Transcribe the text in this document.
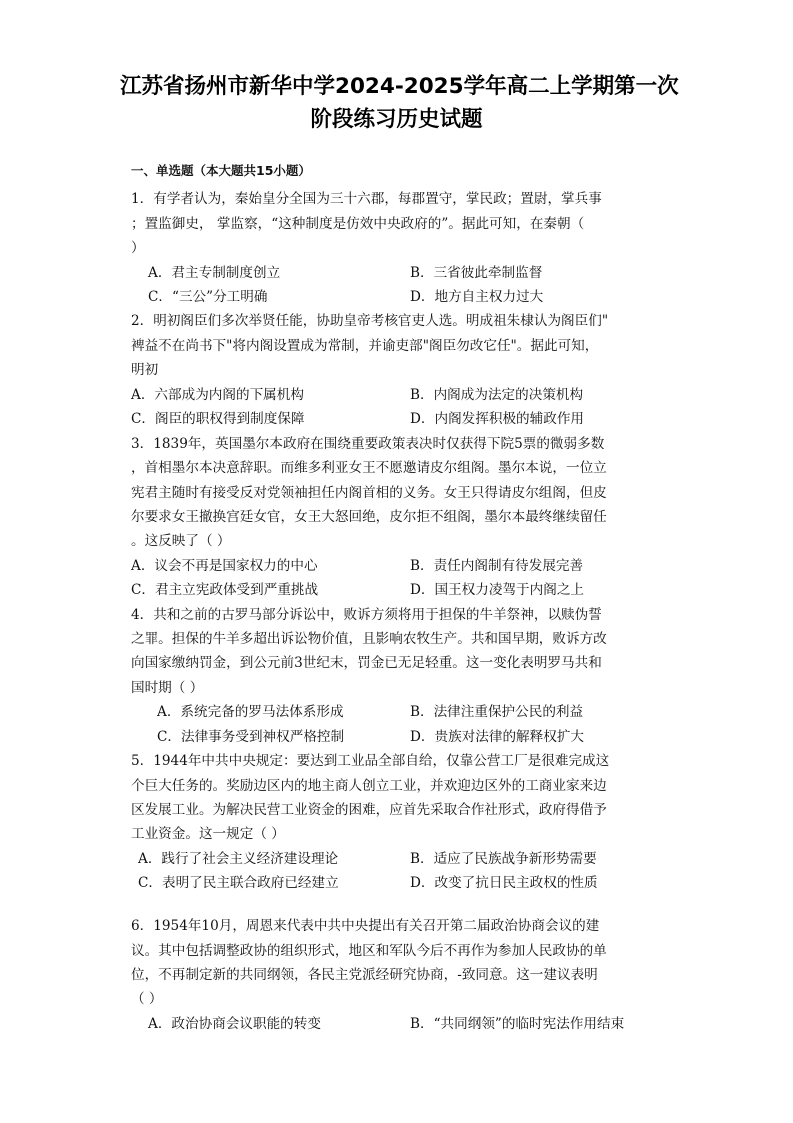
江苏省扬州市新华中学2024-2025学年高二上学期第一次
阶段练习历史试题
一、单选题（本大题共15小题）
1．有学者认为，秦始皇分全国为三十六郡，每郡置守，掌民政；置尉，掌兵事
；置监御史， 掌监察，“这种制度是仿效中央政府的”。据此可知，在秦朝（
）
A．君主专制制度创立	B．三省彼此牵制监督
C．“三公”分工明确	D．地方自主权力过大
2．明初阁臣们多次举贤任能，协助皇帝考核官吏人选。明成祖朱棣认为阁臣们"
裨益不在尚书下"将内阁设置成为常制，并谕吏部"阁臣勿改它任"。据此可知，
明初
A．六部成为内阁的下属机构	B．内阁成为法定的决策机构
C．阁臣的职权得到制度保障	D．内阁发挥积极的辅政作用
3．1839年，英国墨尔本政府在围绕重要政策表决时仅获得下院5票的微弱多数
，首相墨尔本决意辞职。而维多利亚女王不愿邀请皮尔组阁。墨尔本说，一位立
宪君主随时有接受反对党领袖担任内阁首相的义务。女王只得请皮尔组阁，但皮
尔要求女王撤换宫廷女官，女王大怒回绝，皮尔拒不组阁，墨尔本最终继续留任
。这反映了（ ）
A．议会不再是国家权力的中心	B．责任内阁制有待发展完善
C．君主立宪政体受到严重挑战	D．国王权力凌驾于内阁之上
4．共和之前的古罗马部分诉讼中，败诉方须将用于担保的牛羊祭神，以赎伪誓
之罪。担保的牛羊多超出诉讼物价值，且影响农牧生产。共和国早期，败诉方改
向国家缴纳罚金，到公元前3世纪末，罚金已无足轻重。这一变化表明罗马共和
国时期（ ）
A．系统完备的罗马法体系形成	B．法律注重保护公民的利益
C．法律事务受到神权严格控制	D．贵族对法律的解释权扩大
5．1944年中共中央规定：要达到工业品全部自给，仅靠公营工厂是很难完成这
个巨大任务的。奖励边区内的地主商人创立工业，并欢迎边区外的工商业家来边
区发展工业。为解决民营工业资金的困难，应首先采取合作社形式，政府得借予
工业资金。这一规定（ ）
A．践行了社会主义经济建设理论	B．适应了民族战争新形势需要
C．表明了民主联合政府已经建立	D．改变了抗日民主政权的性质
6．1954年10月，周恩来代表中共中央提出有关召开第二届政治协商会议的建
议。其中包括调整政协的组织形式，地区和军队今后不再作为参加人民政协的单
位，不再制定新的共同纲领，各民主党派经研究协商，-致同意。这一建议表明
（ ）
A．政治协商会议职能的转变	B．“共同纲领”的临时宪法作用结束
